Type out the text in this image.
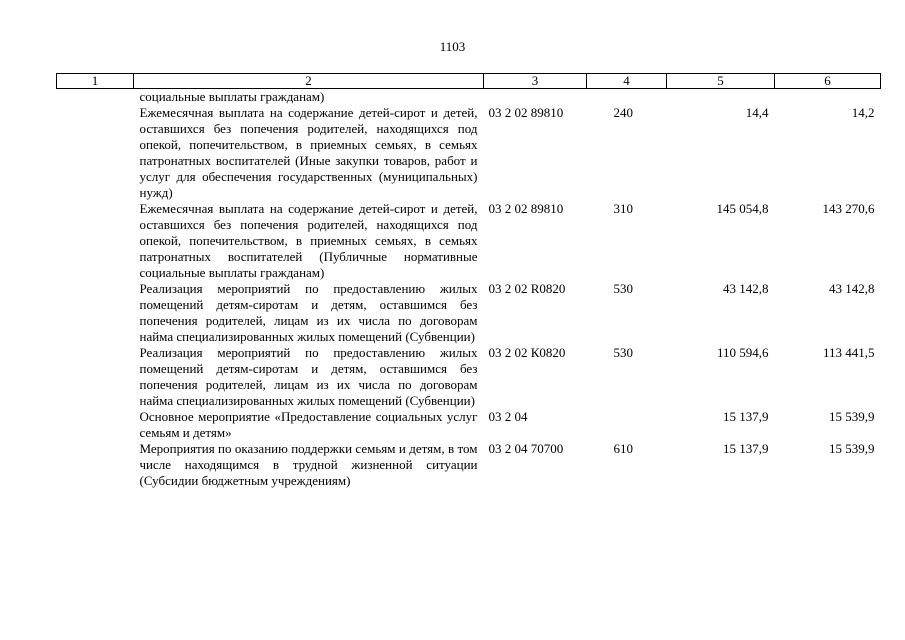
1103
1	2	3	4	5	6
	социальные выплаты гражданам)				
	Ежемесячная выплата на содержание детей-сирот и детей, оставшихся без попечения родителей, находящихся под опекой, попечительством, в приемных семьях, в семьях патронатных воспитателей (Иные закупки товаров, работ и услуг для обеспечения государственных (муниципальных) нужд)	03 2 02 89810	240	14,4	14,2
	Ежемесячная выплата на содержание детей-сирот и детей, оставшихся без попечения родителей, находящихся под опекой, попечительством, в приемных семьях, в семьях патронатных воспитателей (Публичные нормативные социальные выплаты гражданам)	03 2 02 89810	310	145 054,8	143 270,6
	Реализация мероприятий по предоставлению жилых помещений детям-сиротам и детям, оставшимся без попечения родителей, лицам из их числа по договорам найма специализированных жилых помещений (Субвенции)	03 2 02 R0820	530	43 142,8	43 142,8
	Реализация мероприятий по предоставлению жилых помещений детям-сиротам и детям, оставшимся без попечения родителей, лицам из их числа по договорам найма специализированных жилых помещений (Субвенции)	03 2 02 К0820	530	110 594,6	113 441,5
	Основное мероприятие «Предоставление социальных услуг семьям и детям»	03 2 04		15 137,9	15 539,9
	Мероприятия по оказанию поддержки семьям и детям, в том числе находящимся в трудной жизненной ситуации (Субсидии бюджетным учреждениям)	03 2 04 70700	610	15 137,9	15 539,9
